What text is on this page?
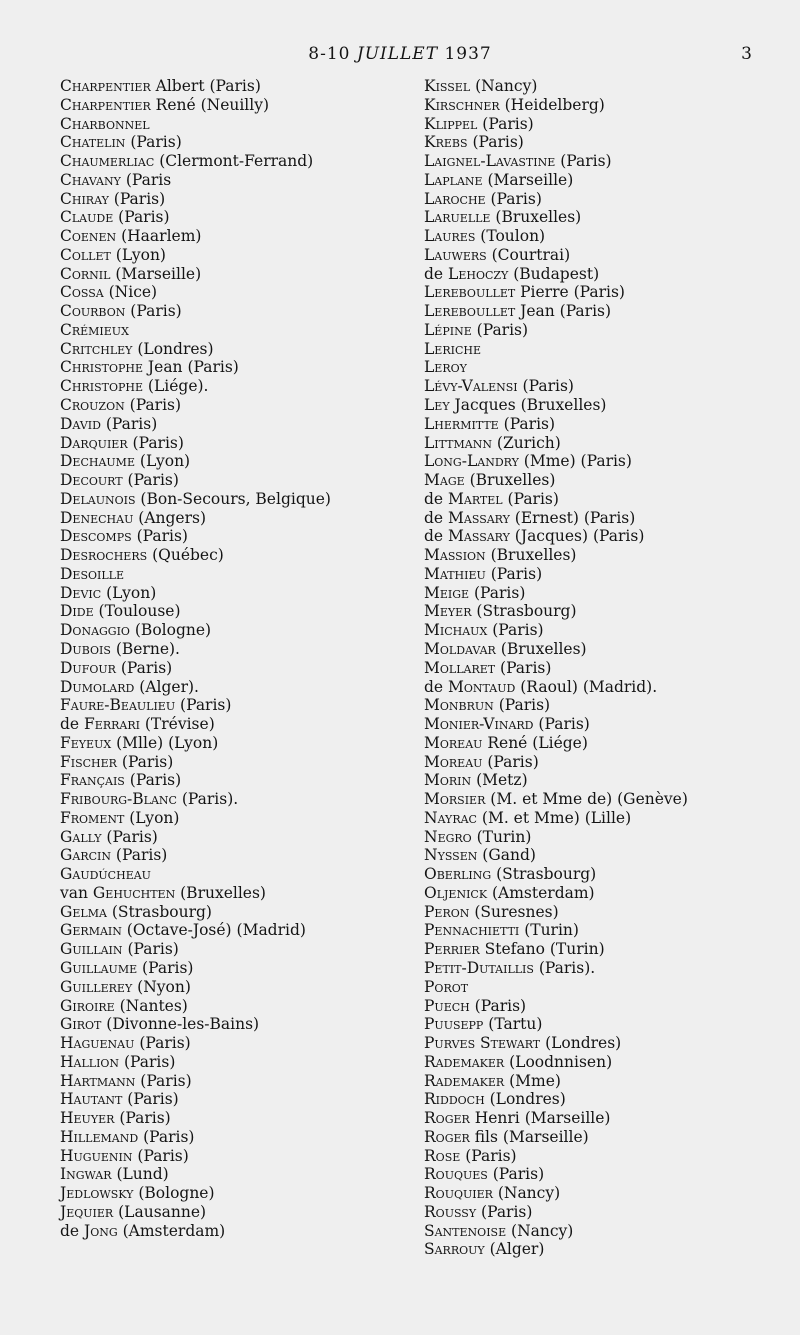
8-10 JUILLET 1937	3
Charpentier Albert (Paris)
Charpentier René (Neuilly)
Charbonnel
Chatelin (Paris)
Chaumerliac (Clermont-Ferrand)
Chavany (Paris
Chiray (Paris)
Claude (Paris)
Coenen (Haarlem)
Collet (Lyon)
Cornil (Marseille)
Cossa (Nice)
Courbon (Paris)
Crémieux
Critchley (Londres)
Christophe Jean (Paris)
Christophe (Liége).
Crouzon (Paris)
David (Paris)
Darquier (Paris)
Dechaume (Lyon)
Decourt (Paris)
Delaunois (Bon-Secours, Belgique)
Denechau (Angers)
Descomps (Paris)
Desrochers (Québec)
Desoille
Devic (Lyon)
Dide (Toulouse)
Donaggio (Bologne)
Dubois (Berne).
Dufour (Paris)
Dumolard (Alger).
Faure-Beaulieu (Paris)
de Ferrari (Trévise)
Feyeux (Mlle) (Lyon)
Fischer (Paris)
Français (Paris)
Fribourg-Blanc (Paris).
Froment (Lyon)
Gally (Paris)
Garcin (Paris)
Gaudúcheau
van Gehuchten (Bruxelles)
Gelma (Strasbourg)
Germain (Octave-José) (Madrid)
Guillain (Paris)
Guillaume (Paris)
Guillerey (Nyon)
Giroire (Nantes)
Girot (Divonne-les-Bains)
Haguenau (Paris)
Hallion (Paris)
Hartmann (Paris)
Hautant (Paris)
Heuyer (Paris)
Hillemand (Paris)
Huguenin (Paris)
Ingwar (Lund)
Jedlowsky (Bologne)
Jequier (Lausanne)
de Jong (Amsterdam)
Kissel (Nancy)
Kirschner (Heidelberg)
Klippel (Paris)
Krebs (Paris)
Laignel-Lavastine (Paris)
Laplane (Marseille)
Laroche (Paris)
Laruelle (Bruxelles)
Laures (Toulon)
Lauwers (Courtrai)
de Lehoczy (Budapest)
Lereboullet Pierre (Paris)
Lereboullet Jean (Paris)
Lépine (Paris)
Leriche
Leroy
Lévy-Valensi (Paris)
Ley Jacques (Bruxelles)
Lhermitte (Paris)
Littmann (Zurich)
Long-Landry (Mme) (Paris)
Mage (Bruxelles)
de Martel (Paris)
de Massary (Ernest) (Paris)
de Massary (Jacques) (Paris)
Massion (Bruxelles)
Mathieu (Paris)
Meige (Paris)
Meyer (Strasbourg)
Michaux (Paris)
Moldavar (Bruxelles)
Mollaret (Paris)
de Montaud (Raoul) (Madrid).
Monbrun (Paris)
Monier-Vinard (Paris)
Moreau René (Liége)
Moreau (Paris)
Morin (Metz)
Morsier (M. et Mme de) (Genève)
Nayrac (M. et Mme) (Lille)
Negro (Turin)
Nyssen (Gand)
Oberling (Strasbourg)
Oljenick (Amsterdam)
Peron (Suresnes)
Pennachietti (Turin)
Perrier Stefano (Turin)
Petit-Dutaillis (Paris).
Porot
Puech (Paris)
Puusepp (Tartu)
Purves Stewart (Londres)
Rademaker (Loodnnisen)
Rademaker (Mme)
Riddoch (Londres)
Roger Henri (Marseille)
Roger fils (Marseille)
Rose (Paris)
Rouques (Paris)
Rouquier (Nancy)
Roussy (Paris)
Santenoise (Nancy)
Sarrouy (Alger)
